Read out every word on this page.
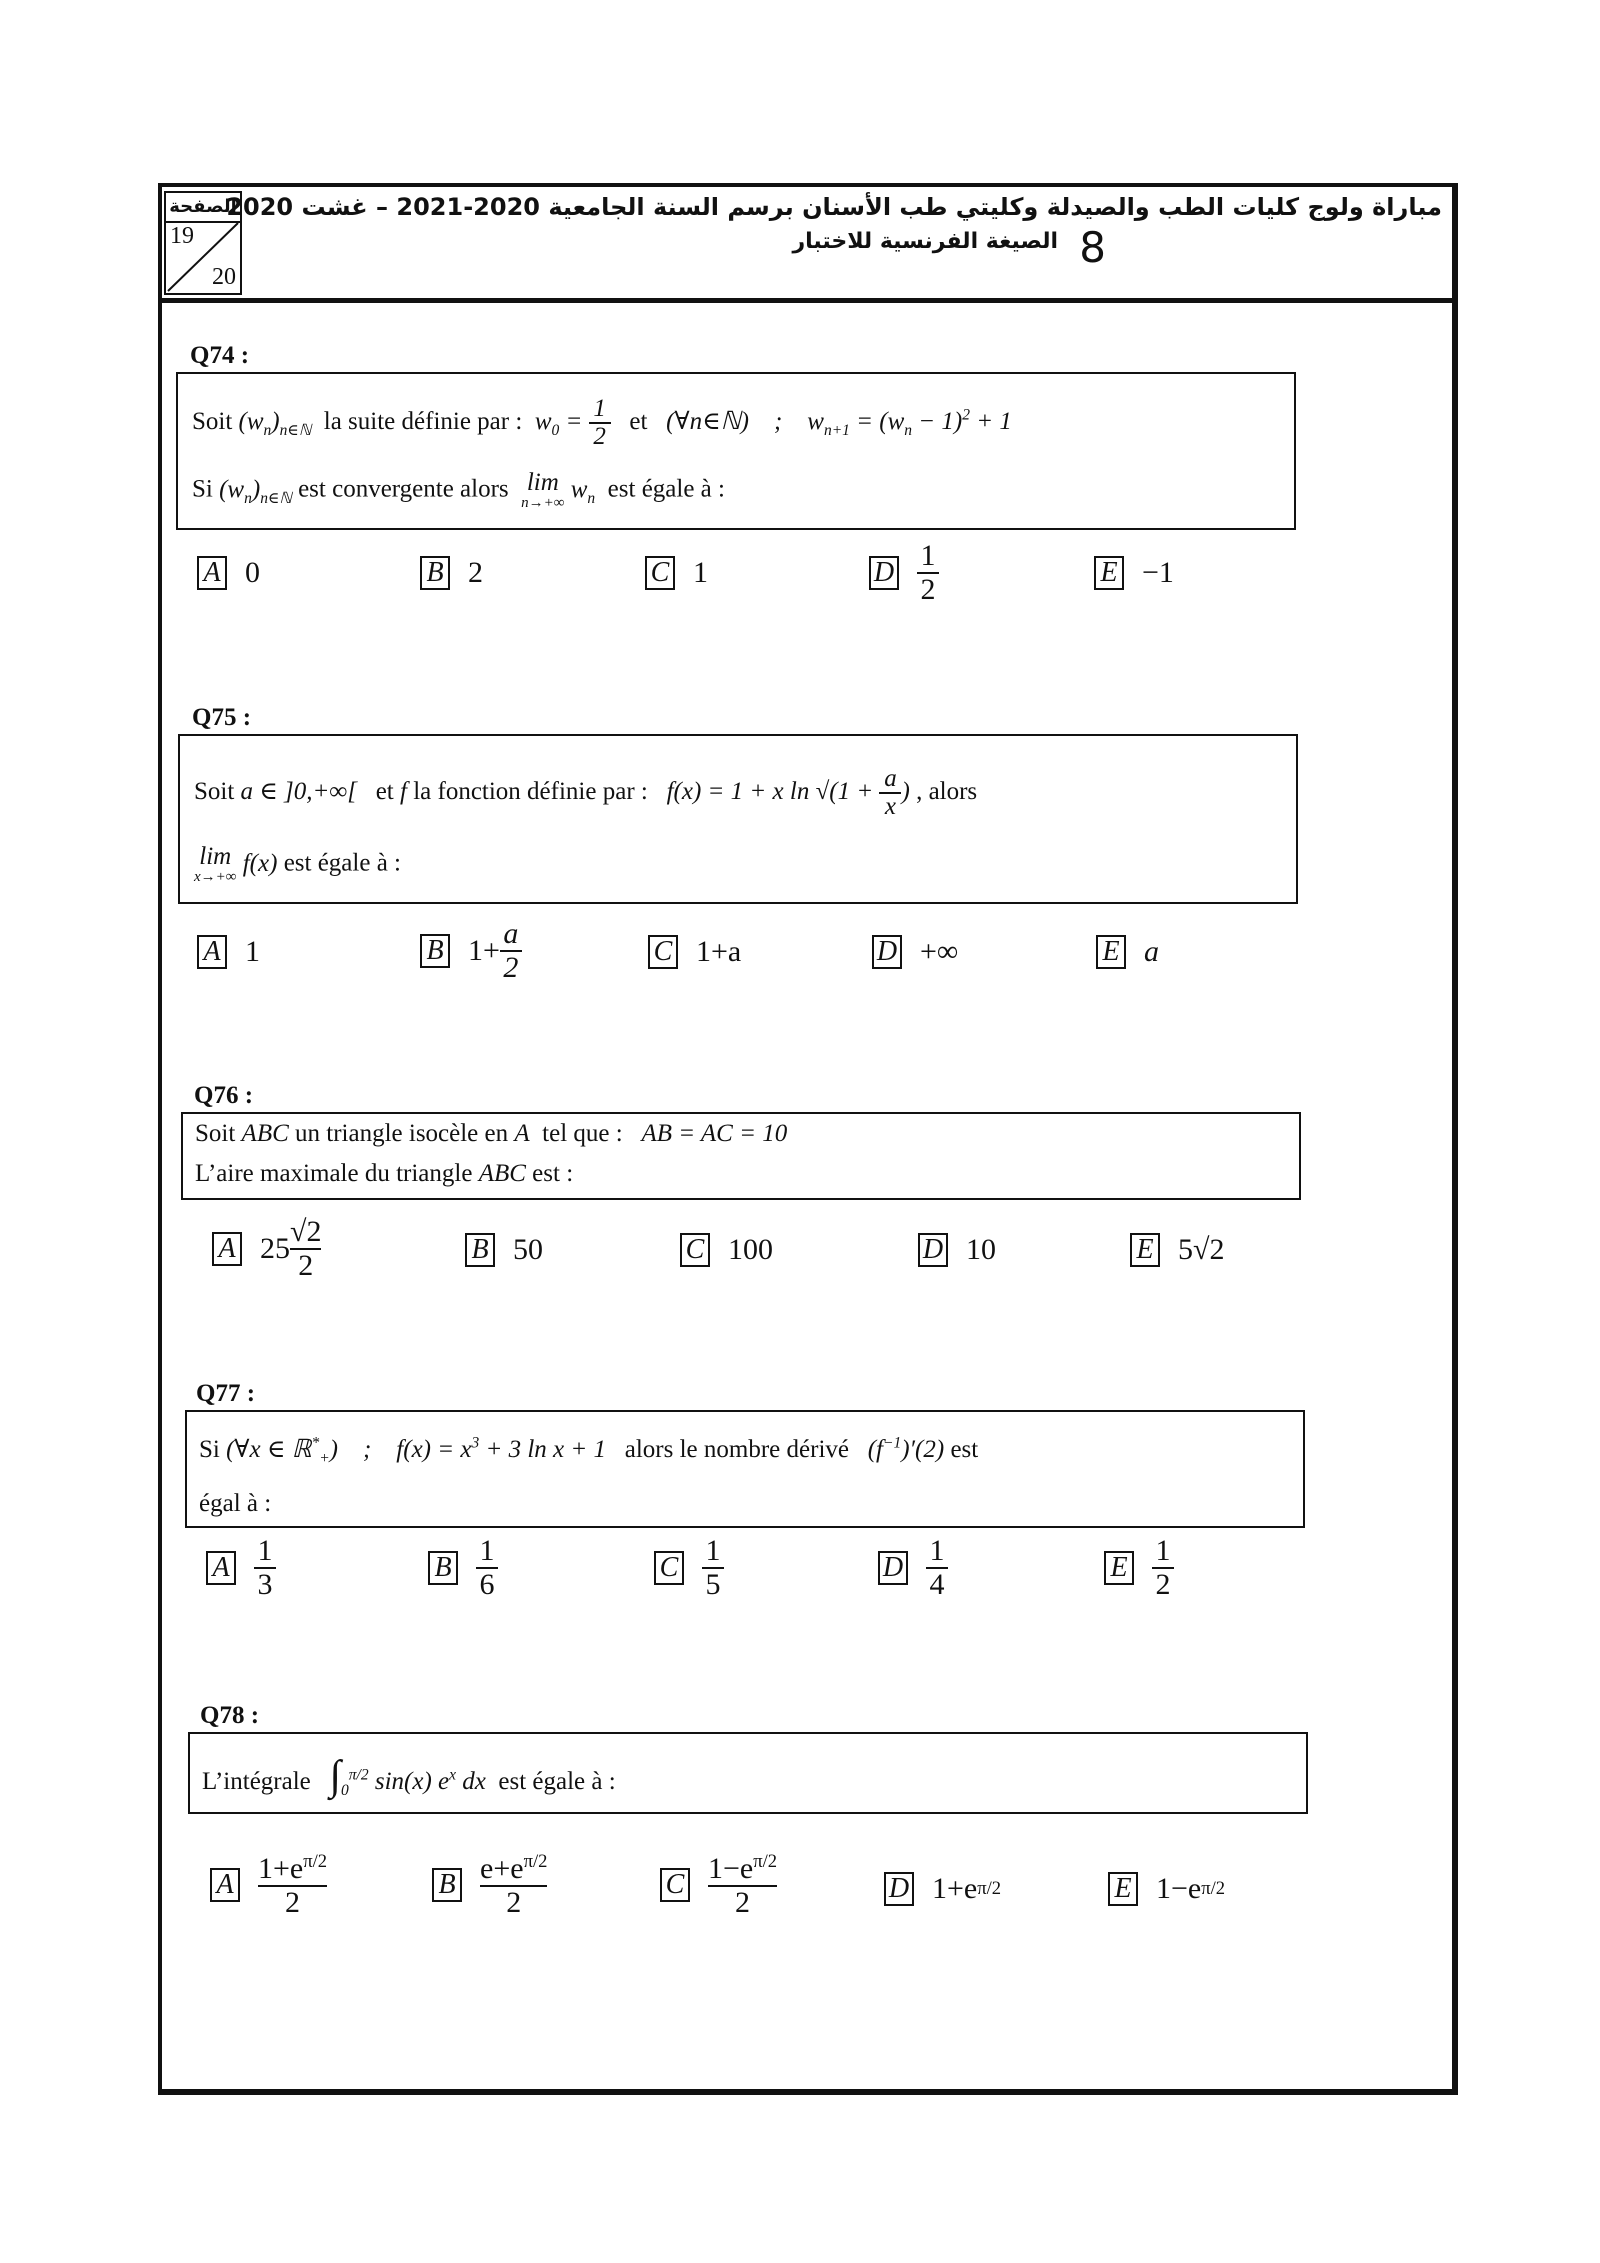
الصفحة
19
20
مباراة ولوج كليات الطب والصيدلة وكليتي طب الأسنان برسم السنة الجامعية 2020-2021 – غشت 2020
الصيغة الفرنسية للاختبار 8
Q74 :
Soit $(w_n)_{n\in ℕ}$ la suite définie par : $w_0 = \frac{1}{2}$ et (∀n∈ℕ) ;    $w_{n+1} = (w_n - 1)^2 + 1$
Si $(w_n)_{n\in ℕ}$ est convergente alors lim
n→+∞
$w_n$ est égale à :
A 0	B 2	C 1	D $\frac{1}{2}$	E −1
Q75 :
Soit a ∈ ]0,+∞[ et f la fonction définie par : f(x) = 1 + x $\ln √(1 + \frac{a}{x}$ ) , alors
lim
x→+∞
f(x) est égale à :
A 1	B $1+ \frac{a}{2}$	C 1+a	D +∞	E a
Q76 :
Soit ABC un triangle isocèle en A tel que : AB = AC = 10
L’aire maximale du triangle ABC est :
A $25 \frac{√2}{2}$	B 50	C 100	D 10	E 5√2
Q77 :
Si (∀x ∈ ℝ*$_+$) ;    $f(x) = x^3 + 3$ ln x + 1 alors le nombre dérivé $(f^{-1})'(2)$ est
égal à :
A $\frac{1}{3}$	B $\frac{1}{6}$	C $\frac{1}{5}$	D $\frac{1}{4}$	E $\frac{1}{2}$
Q78 :
L’intégrale $\int_0^{\pi/2}$ sin(x) $e^x$ dx est égale à :
A $\frac{1+e^{\pi/2}}{2}$	B $\frac{e+e^{\pi/2}}{2}$	C $\frac{1-e^{\pi/2}}{2}$	D 1+e π/2	E 1−e π/2
